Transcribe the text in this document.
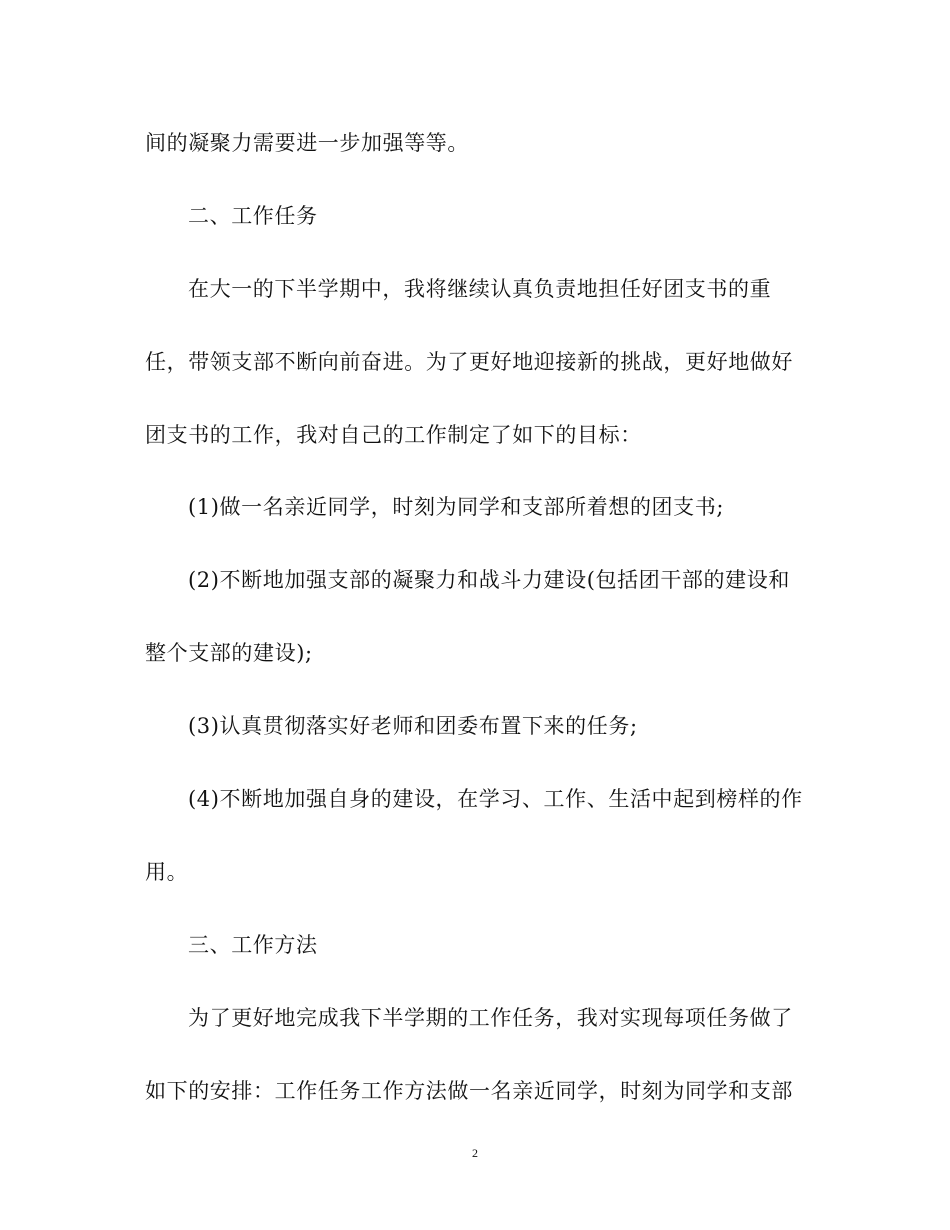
间的凝聚力需要进一步加强等等。
二、工作任务
在大一的下半学期中，我将继续认真负责地担任好团支书的重
任，带领支部不断向前奋进。为了更好地迎接新的挑战，更好地做好
团支书的工作，我对自己的工作制定了如下的目标：
(1)做一名亲近同学，时刻为同学和支部所着想的团支书;
(2)不断地加强支部的凝聚力和战斗力建设(包括团干部的建设和
整个支部的建设);
(3)认真贯彻落实好老师和团委布置下来的任务;
(4)不断地加强自身的建设，在学习、工作、生活中起到榜样的作
用。
三、工作方法
为了更好地完成我下半学期的工作任务，我对实现每项任务做了
如下的安排：工作任务工作方法做一名亲近同学，时刻为同学和支部
2
